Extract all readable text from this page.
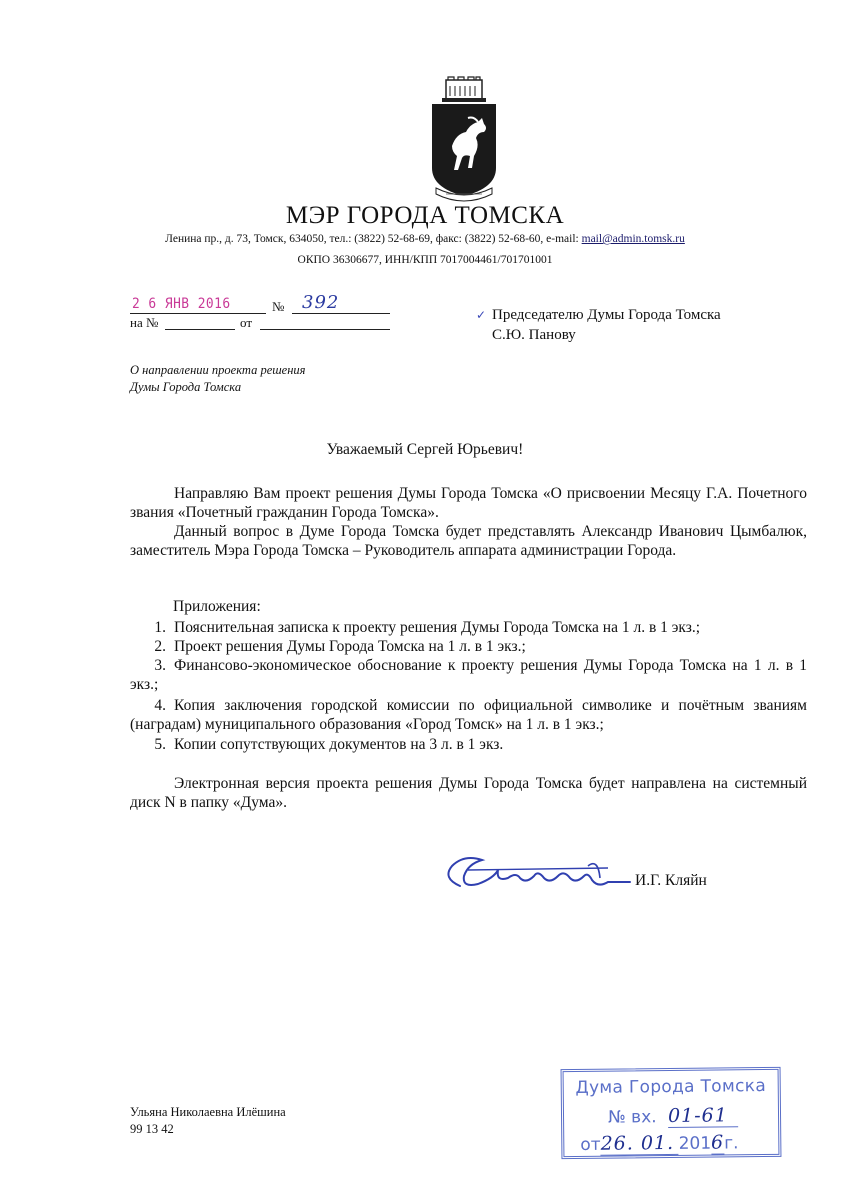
МЭР ГОРОДА ТОМСКА
Ленина пр., д. 73, Томск, 634050, тел.: (3822) 52-68-69, факс: (3822) 52-68-60, e-mail: mail@admin.tomsk.ru
ОКПО 36306677, ИНН/КПП 7017004461/701701001
2 6 ЯНВ 2016	№ 392
на №	от	✓ Председателю Думы Города Томска
С.Ю. Панову
О направлении проекта решения
Думы Города Томска
Уважаемый Сергей Юрьевич!

Направляю Вам проект решения Думы Города Томска «О присвоении Месяцу Г.А. Почетного звания «Почетный гражданин Города Томска».

Данный вопрос в Думе Города Томска будет представлять Александр Иванович Цымбалюк, заместитель Мэра Города Томска – Руководитель аппарата администрации Города.

Приложения:
1. Пояснительная записка к проекту решения Думы Города Томска на 1 л. в 1 экз.;
2. Проект решения Думы Города Томска на 1 л. в 1 экз.;
3. Финансово-экономическое обоснование к проекту решения Думы Города Томска на 1 л. в 1 экз.;
4. Копия заключения городской комиссии по официальной символике и почётным званиям (наградам) муниципального образования «Город Томск» на 1 л. в 1 экз.;
5. Копии сопутствующих документов на 3 л. в 1 экз.

Электронная версия проекта решения Думы Города Томска будет направлена на системный диск N в папку «Дума».

И.Г. Кляйн
Ульяна Николаевна Илёшина
99 13 42
Дума Города Томска
№ вх. 01-61
от26. 01. 2016г.
